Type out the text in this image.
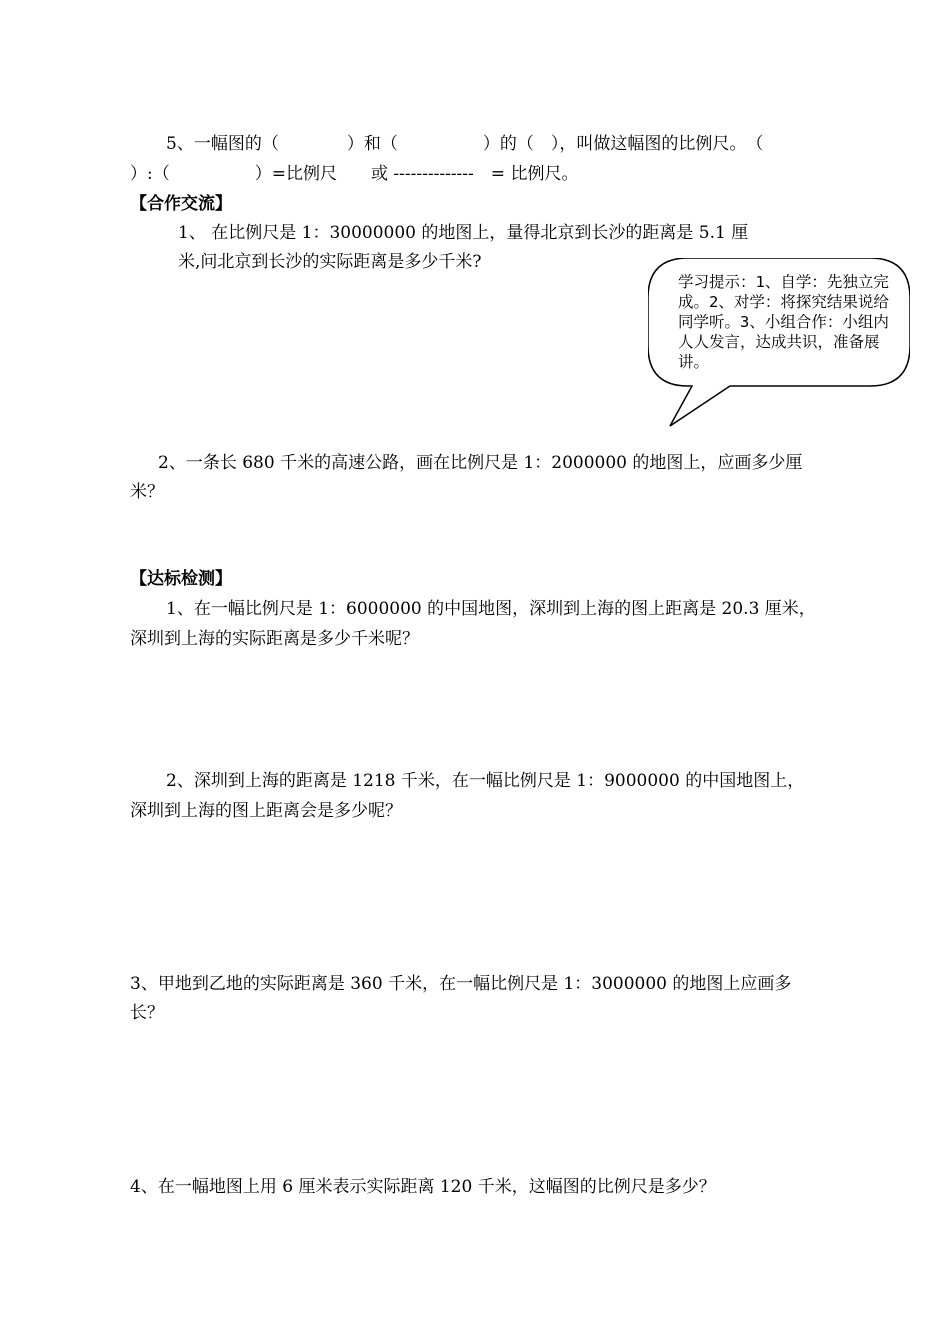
5、一幅图的（　　　　）和（　　　　　）的（　），叫做这幅图的比例尺。　（
）:（　　　　　）=比例尺　　或 --------------　= 比例尺。
【合作交流】
1、 在比例尺是 1：30000000 的地图上，量得北京到长沙的距离是 5.1 厘
米,问北京到长沙的实际距离是多少千米?
学习提示：1、自学：先独立完成。2、对学：将探究结果说给同学听。3、小组合作：小组内人人发言，达成共识，准备展讲。
2、一条长 680 千米的高速公路，画在比例尺是 1：2000000 的地图上，应画多少厘
米？
【达标检测】
1、在一幅比例尺是 1：6000000 的中国地图，深圳到上海的图上距离是 20.3 厘米，
深圳到上海的实际距离是多少千米呢？
2、深圳到上海的距离是 1218 千米，在一幅比例尺是 1：9000000 的中国地图上，
深圳到上海的图上距离会是多少呢？
3、甲地到乙地的实际距离是 360 千米，在一幅比例尺是 1：3000000 的地图上应画多
长？
4、在一幅地图上用 6 厘米表示实际距离 120 千米，这幅图的比例尺是多少？
